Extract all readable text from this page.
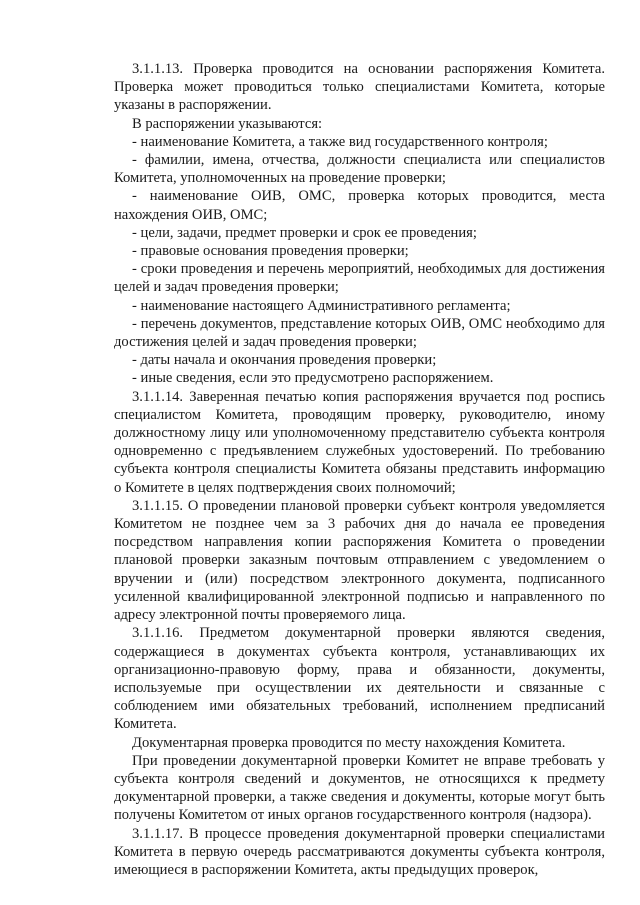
3.1.1.13. Проверка проводится на основании распоряжения Комитета. Проверка может проводиться только специалистами Комитета, которые указаны в распоряжении.

В распоряжении указываются:

- наименование Комитета, а также вид государственного контроля;

- фамилии, имена, отчества, должности специалиста или специалистов Комитета, уполномоченных на проведение проверки;

- наименование ОИВ, ОМС, проверка которых проводится, места нахождения ОИВ, ОМС;

- цели, задачи, предмет проверки и срок ее проведения;

- правовые основания проведения проверки;

- сроки проведения и перечень мероприятий, необходимых для достижения целей и задач проведения проверки;

- наименование настоящего Административного регламента;

- перечень документов, представление которых ОИВ, ОМС необходимо для достижения целей и задач проведения проверки;

- даты начала и окончания проведения проверки;

- иные сведения, если это предусмотрено распоряжением.

3.1.1.14. Заверенная печатью копия распоряжения вручается под роспись специалистом Комитета, проводящим проверку, руководителю, иному должностному лицу или уполномоченному представителю субъекта контроля одновременно с предъявлением служебных удостоверений. По требованию субъекта контроля специалисты Комитета обязаны представить информацию о Комитете в целях подтверждения своих полномочий;

3.1.1.15. О проведении плановой проверки субъект контроля уведомляется Комитетом не позднее чем за 3 рабочих дня до начала ее проведения посредством направления копии распоряжения Комитета о проведении плановой проверки заказным почтовым отправлением с уведомлением о вручении и (или) посредством электронного документа, подписанного усиленной квалифицированной электронной подписью и направленного по адресу электронной почты проверяемого лица.

3.1.1.16. Предметом документарной проверки являются сведения, содержащиеся в документах субъекта контроля, устанавливающих их организационно-правовую форму, права и обязанности, документы, используемые при осуществлении их деятельности и связанные с соблюдением ими обязательных требований, исполнением предписаний Комитета.

Документарная проверка проводится по месту нахождения Комитета.

При проведении документарной проверки Комитет не вправе требовать у субъекта контроля сведений и документов, не относящихся к предмету документарной проверки, а также сведения и документы, которые могут быть получены Комитетом от иных органов государственного контроля (надзора).

3.1.1.17. В процессе проведения документарной проверки специалистами Комитета в первую очередь рассматриваются документы субъекта контроля, имеющиеся в распоряжении Комитета, акты предыдущих проверок,
